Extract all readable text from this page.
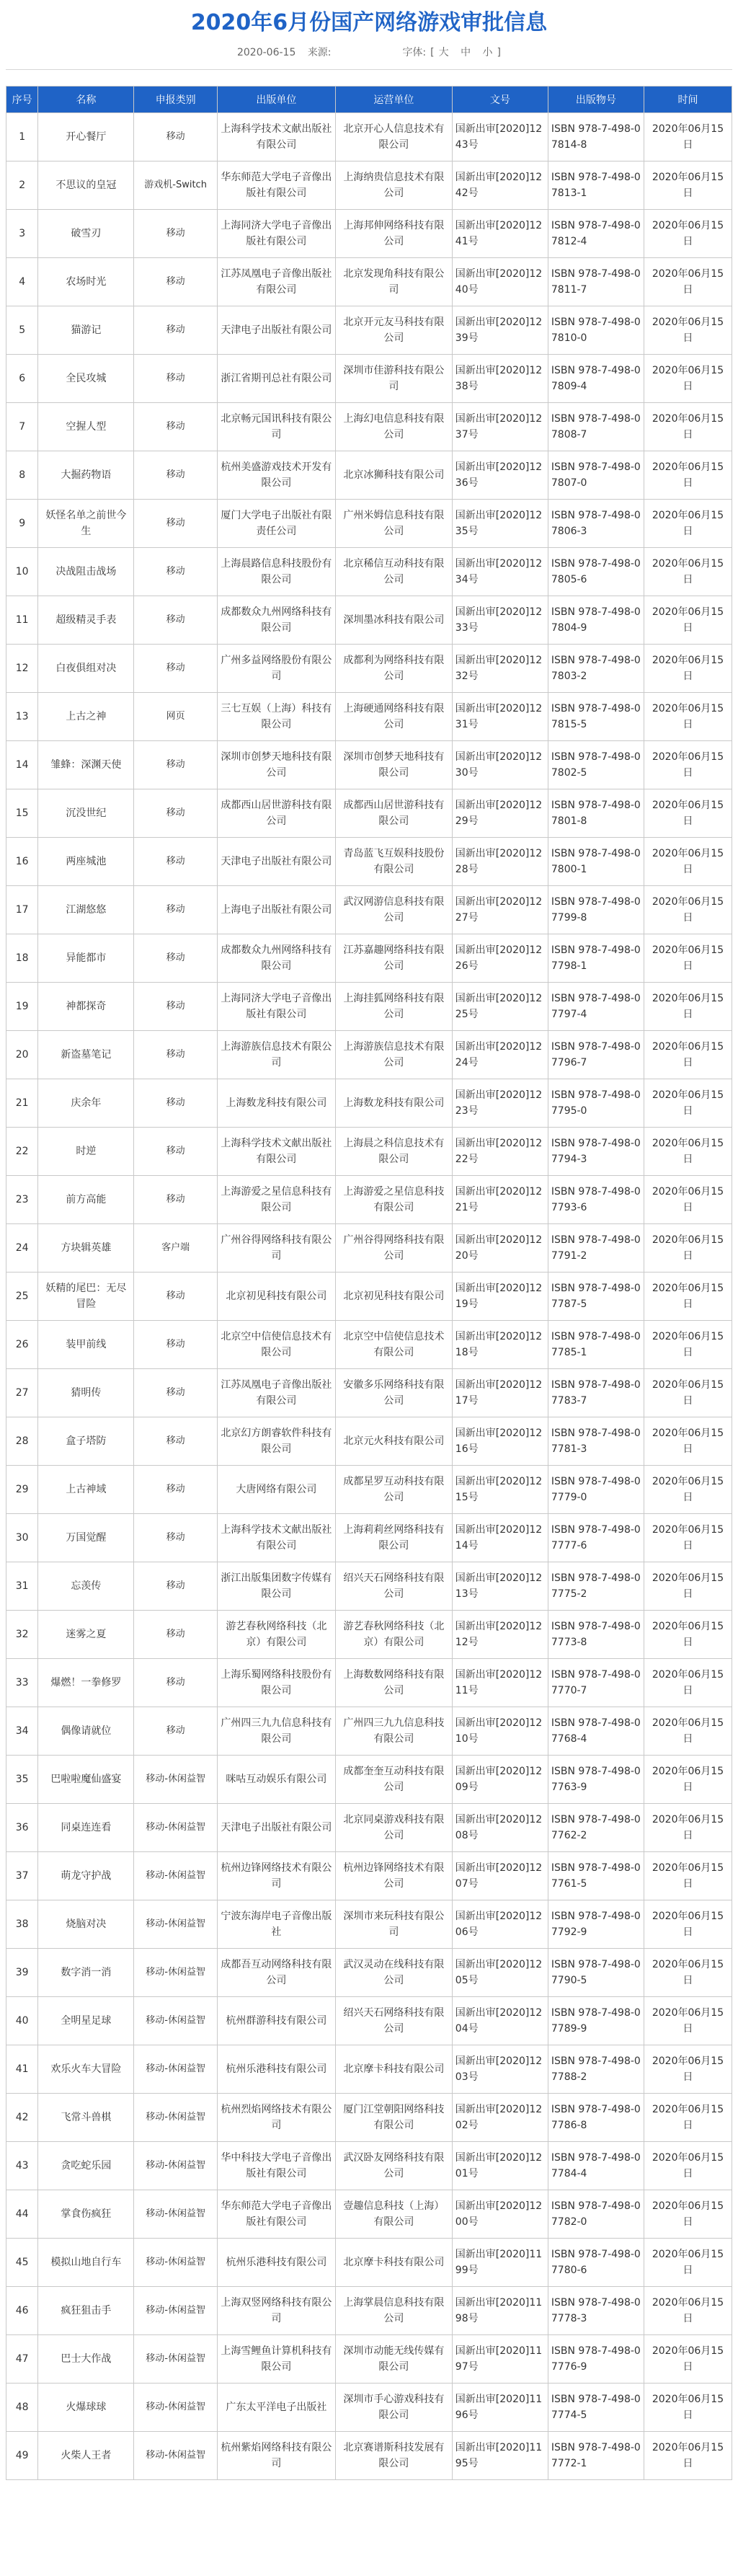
2020年6月份国产网络游戏审批信息
2020-06-15 来源:	字体: [ 大 中 小 ]
序号	名称	申报类别	出版单位	运营单位	文号	出版物号	时间
1	开心餐厅	移动	上海科学技术文献出版社有限公司	北京开心人信息技术有限公司	国新出审[2020]1243号	ISBN 978-7-498-07814-8	2020年06月15日
2	不思议的皇冠	游戏机-Switch	华东师范大学电子音像出版社有限公司	上海纳贵信息技术有限公司	国新出审[2020]1242号	ISBN 978-7-498-07813-1	2020年06月15日
3	破雪刃	移动	上海同济大学电子音像出版社有限公司	上海邦伸网络科技有限公司	国新出审[2020]1241号	ISBN 978-7-498-07812-4	2020年06月15日
4	农场时光	移动	江苏凤凰电子音像出版社有限公司	北京发现角科技有限公司	国新出审[2020]1240号	ISBN 978-7-498-07811-7	2020年06月15日
5	猫游记	移动	天津电子出版社有限公司	北京开元友马科技有限公司	国新出审[2020]1239号	ISBN 978-7-498-07810-0	2020年06月15日
6	全民攻城	移动	浙江省期刊总社有限公司	深圳市佳游科技有限公司	国新出审[2020]1238号	ISBN 978-7-498-07809-4	2020年06月15日
7	空握人型	移动	北京畅元国讯科技有限公司	上海幻电信息科技有限公司	国新出审[2020]1237号	ISBN 978-7-498-07808-7	2020年06月15日
8	大掘药物语	移动	杭州美盛游戏技术开发有限公司	北京冰狮科技有限公司	国新出审[2020]1236号	ISBN 978-7-498-07807-0	2020年06月15日
9	妖怪名单之前世今生	移动	厦门大学电子出版社有限责任公司	广州米姆信息科技有限公司	国新出审[2020]1235号	ISBN 978-7-498-07806-3	2020年06月15日
10	决战阻击战场	移动	上海晨路信息科技股份有限公司	北京稀信互动科技有限公司	国新出审[2020]1234号	ISBN 978-7-498-07805-6	2020年06月15日
11	超级精灵手表	移动	成都数众九州网络科技有限公司	深圳墨冰科技有限公司	国新出审[2020]1233号	ISBN 978-7-498-07804-9	2020年06月15日
12	白夜俱组对决	移动	广州多益网络股份有限公司	成都利为网络科技有限公司	国新出审[2020]1232号	ISBN 978-7-498-07803-2	2020年06月15日
13	上古之神	网页	三七互娱（上海）科技有限公司	上海硬通网络科技有限公司	国新出审[2020]1231号	ISBN 978-7-498-07815-5	2020年06月15日
14	雏蜂：深渊天使	移动	深圳市创梦天地科技有限公司	深圳市创梦天地科技有限公司	国新出审[2020]1230号	ISBN 978-7-498-07802-5	2020年06月15日
15	沉没世纪	移动	成都西山居世游科技有限公司	成都西山居世游科技有限公司	国新出审[2020]1229号	ISBN 978-7-498-07801-8	2020年06月15日
16	两座城池	移动	天津电子出版社有限公司	青岛蓝飞互娱科技股份有限公司	国新出审[2020]1228号	ISBN 978-7-498-07800-1	2020年06月15日
17	江湖悠悠	移动	上海电子出版社有限公司	武汉网游信息科技有限公司	国新出审[2020]1227号	ISBN 978-7-498-07799-8	2020年06月15日
18	异能都市	移动	成都数众九州网络科技有限公司	江苏嘉趣网络科技有限公司	国新出审[2020]1226号	ISBN 978-7-498-07798-1	2020年06月15日
19	神都探奇	移动	上海同济大学电子音像出版社有限公司	上海挂狐网络科技有限公司	国新出审[2020]1225号	ISBN 978-7-498-07797-4	2020年06月15日
20	新盗墓笔记	移动	上海游族信息技术有限公司	上海游族信息技术有限公司	国新出审[2020]1224号	ISBN 978-7-498-07796-7	2020年06月15日
21	庆余年	移动	上海数龙科技有限公司	上海数龙科技有限公司	国新出审[2020]1223号	ISBN 978-7-498-07795-0	2020年06月15日
22	时逆	移动	上海科学技术文献出版社有限公司	上海晨之科信息技术有限公司	国新出审[2020]1222号	ISBN 978-7-498-07794-3	2020年06月15日
23	前方高能	移动	上海游爱之星信息科技有限公司	上海游爱之星信息科技有限公司	国新出审[2020]1221号	ISBN 978-7-498-07793-6	2020年06月15日
24	方块辑英雄	客户端	广州谷得网络科技有限公司	广州谷得网络科技有限公司	国新出审[2020]1220号	ISBN 978-7-498-07791-2	2020年06月15日
25	妖精的尾巴：无尽冒险	移动	北京初见科技有限公司	北京初见科技有限公司	国新出审[2020]1219号	ISBN 978-7-498-07787-5	2020年06月15日
26	装甲前线	移动	北京空中信使信息技术有限公司	北京空中信使信息技术有限公司	国新出审[2020]1218号	ISBN 978-7-498-07785-1	2020年06月15日
27	猜明传	移动	江苏凤凰电子音像出版社有限公司	安徽多乐网络科技有限公司	国新出审[2020]1217号	ISBN 978-7-498-07783-7	2020年06月15日
28	盒子塔防	移动	北京幻方朗睿软件科技有限公司	北京元火科技有限公司	国新出审[2020]1216号	ISBN 978-7-498-07781-3	2020年06月15日
29	上古神域	移动	大唐网络有限公司	成都星罗互动科技有限公司	国新出审[2020]1215号	ISBN 978-7-498-07779-0	2020年06月15日
30	万国觉醒	移动	上海科学技术文献出版社有限公司	上海莉莉丝网络科技有限公司	国新出审[2020]1214号	ISBN 978-7-498-07777-6	2020年06月15日
31	忘羡传	移动	浙江出版集团数字传媒有限公司	绍兴天石网络科技有限公司	国新出审[2020]1213号	ISBN 978-7-498-07775-2	2020年06月15日
32	迷雾之夏	移动	游艺春秋网络科技（北京）有限公司	游艺春秋网络科技（北京）有限公司	国新出审[2020]1212号	ISBN 978-7-498-07773-8	2020年06月15日
33	爆燃！一拳修罗	移动	上海乐蜀网络科技股份有限公司	上海数数网络科技有限公司	国新出审[2020]1211号	ISBN 978-7-498-07770-7	2020年06月15日
34	偶像请就位	移动	广州四三九九信息科技有限公司	广州四三九九信息科技有限公司	国新出审[2020]1210号	ISBN 978-7-498-07768-4	2020年06月15日
35	巴啦啦魔仙盛宴	移动-休闲益智	咪咕互动娱乐有限公司	成都奎奎互动科技有限公司	国新出审[2020]1209号	ISBN 978-7-498-07763-9	2020年06月15日
36	同桌连连看	移动-休闲益智	天津电子出版社有限公司	北京同桌游戏科技有限公司	国新出审[2020]1208号	ISBN 978-7-498-07762-2	2020年06月15日
37	萌龙守护战	移动-休闲益智	杭州边锋网络技术有限公司	杭州边锋网络技术有限公司	国新出审[2020]1207号	ISBN 978-7-498-07761-5	2020年06月15日
38	烧脑对决	移动-休闲益智	宁波东海岸电子音像出版社	深圳市来玩科技有限公司	国新出审[2020]1206号	ISBN 978-7-498-07792-9	2020年06月15日
39	数字消一消	移动-休闲益智	成都吾互动网络科技有限公司	武汉灵动在线科技有限公司	国新出审[2020]1205号	ISBN 978-7-498-07790-5	2020年06月15日
40	全明星足球	移动-休闲益智	杭州群游科技有限公司	绍兴天石网络科技有限公司	国新出审[2020]1204号	ISBN 978-7-498-07789-9	2020年06月15日
41	欢乐火车大冒险	移动-休闲益智	杭州乐港科技有限公司	北京摩卡科技有限公司	国新出审[2020]1203号	ISBN 978-7-498-07788-2	2020年06月15日
42	飞常斗兽棋	移动-休闲益智	杭州烈焰网络技术有限公司	厦门江堂朝阳网络科技有限公司	国新出审[2020]1202号	ISBN 978-7-498-07786-8	2020年06月15日
43	贪吃蛇乐园	移动-休闲益智	华中科技大学电子音像出版社有限公司	武汉卧友网络科技有限公司	国新出审[2020]1201号	ISBN 978-7-498-07784-4	2020年06月15日
44	掌食伤疯狂	移动-休闲益智	华东师范大学电子音像出版社有限公司	壹趣信息科技（上海）有限公司	国新出审[2020]1200号	ISBN 978-7-498-07782-0	2020年06月15日
45	模拟山地自行车	移动-休闲益智	杭州乐港科技有限公司	北京摩卡科技有限公司	国新出审[2020]1199号	ISBN 978-7-498-07780-6	2020年06月15日
46	疯狂狙击手	移动-休闲益智	上海双竖网络科技有限公司	上海掌晨信息科技有限公司	国新出审[2020]1198号	ISBN 978-7-498-07778-3	2020年06月15日
47	巴士大作战	移动-休闲益智	上海雪鲤鱼计算机科技有限公司	深圳市动能无线传媒有限公司	国新出审[2020]1197号	ISBN 978-7-498-07776-9	2020年06月15日
48	火爆球球	移动-休闲益智	广东太平洋电子出版社	深圳市手心游戏科技有限公司	国新出审[2020]1196号	ISBN 978-7-498-07774-5	2020年06月15日
49	火柴人王者	移动-休闲益智	杭州紫焰网络科技有限公司	北京赛谱斯科技发展有限公司	国新出审[2020]1195号	ISBN 978-7-498-07772-1	2020年06月15日
